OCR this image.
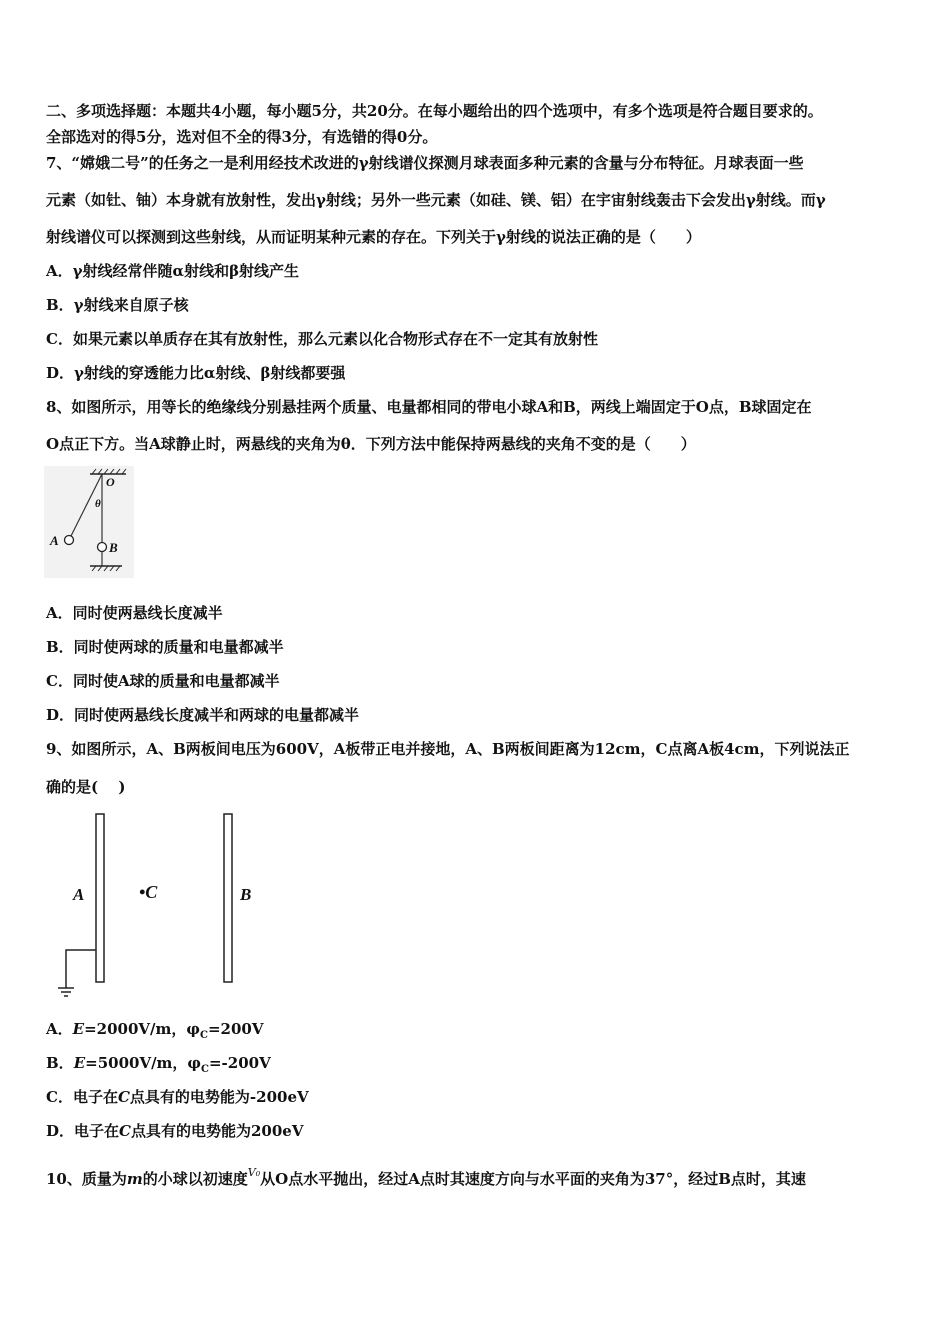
二、多项选择题：本题共4小题，每小题5分，共20分。在每小题给出的四个选项中，有多个选项是符合题目要求的。
全部选对的得5分，选对但不全的得3分，有选错的得0分。
7、“嫦娥二号”的任务之一是利用经技术改进的γ射线谱仪探测月球表面多种元素的含量与分布特征。月球表面一些
元素（如钍、铀）本身就有放射性，发出γ射线；另外一些元素（如硅、镁、铝）在宇宙射线轰击下会发出γ射线。而γ
射线谱仪可以探测到这些射线，从而证明某种元素的存在。下列关于γ射线的说法正确的是（　　）
A．γ射线经常伴随α射线和β射线产生
B．γ射线来自原子核
C．如果元素以单质存在其有放射性，那么元素以化合物形式存在不一定其有放射性
D．γ射线的穿透能力比α射线、β射线都要强
8、如图所示，用等长的绝缘线分别悬挂两个质量、电量都相同的带电小球A和B，两线上端固定于O点，B球固定在
O点正下方。当A球静止时，两悬线的夹角为θ．下列方法中能保持两悬线的夹角不变的是（　　）
O
θ
A	B
A．同时使两悬线长度减半
B．同时使两球的质量和电量都减半
C．同时使A球的质量和电量都减半
D．同时使两悬线长度减半和两球的电量都减半
9、如图所示，A、B两板间电压为600V，A板带正电并接地，A、B两板间距离为12cm，C点离A板4cm，下列说法正
确的是(　 )
A	•C	B
A．E=2000V/m，$\varphi_C=200V$
B．E=5000V/m，$\varphi_C=-200V$
C．电子在C点具有的电势能为-200eV
D．电子在C点具有的电势能为200eV
10、质量为m的小球以初速度$^{V_0}$从O点水平抛出，经过A点时其速度方向与水平面的夹角为37°，经过B点时，其速
